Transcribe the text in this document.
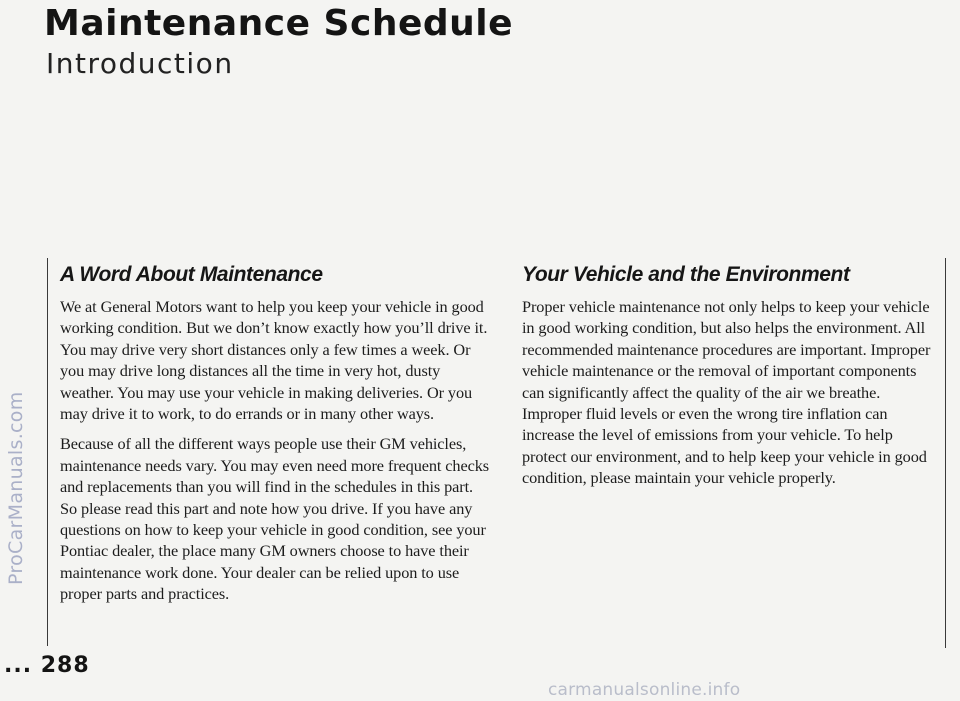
Maintenance Schedule
Introduction
ProCarManuals.com
A Word About Maintenance

We at General Motors want to help you keep your vehicle in good working condition. But we don’t know exactly how you’ll drive it. You may drive very short distances only a few times a week. Or you may drive long distances all the time in very hot, dusty weather. You may use your vehicle in making deliveries. Or you may drive it to work, to do errands or in many other ways.

Because of all the different ways people use their GM vehicles, maintenance needs vary. You may even need more frequent checks and replacements than you will find in the schedules in this part. So please read this part and note how you drive. If you have any questions on how to keep your vehicle in good condition, see your Pontiac dealer, the place many GM owners choose to have their maintenance work done. Your dealer can be relied upon to use proper parts and practices.

Your Vehicle and the Environment

Proper vehicle maintenance not only helps to keep your vehicle in good working condition, but also helps the environment. All recommended maintenance procedures are important. Improper vehicle maintenance or the removal of important components can significantly affect the quality of the air we breathe. Improper fluid levels or even the wrong tire inflation can increase the level of emissions from your vehicle. To help protect our environment, and to help keep your vehicle in good condition, please maintain your vehicle properly.

... 288

carmanualsonline.info
